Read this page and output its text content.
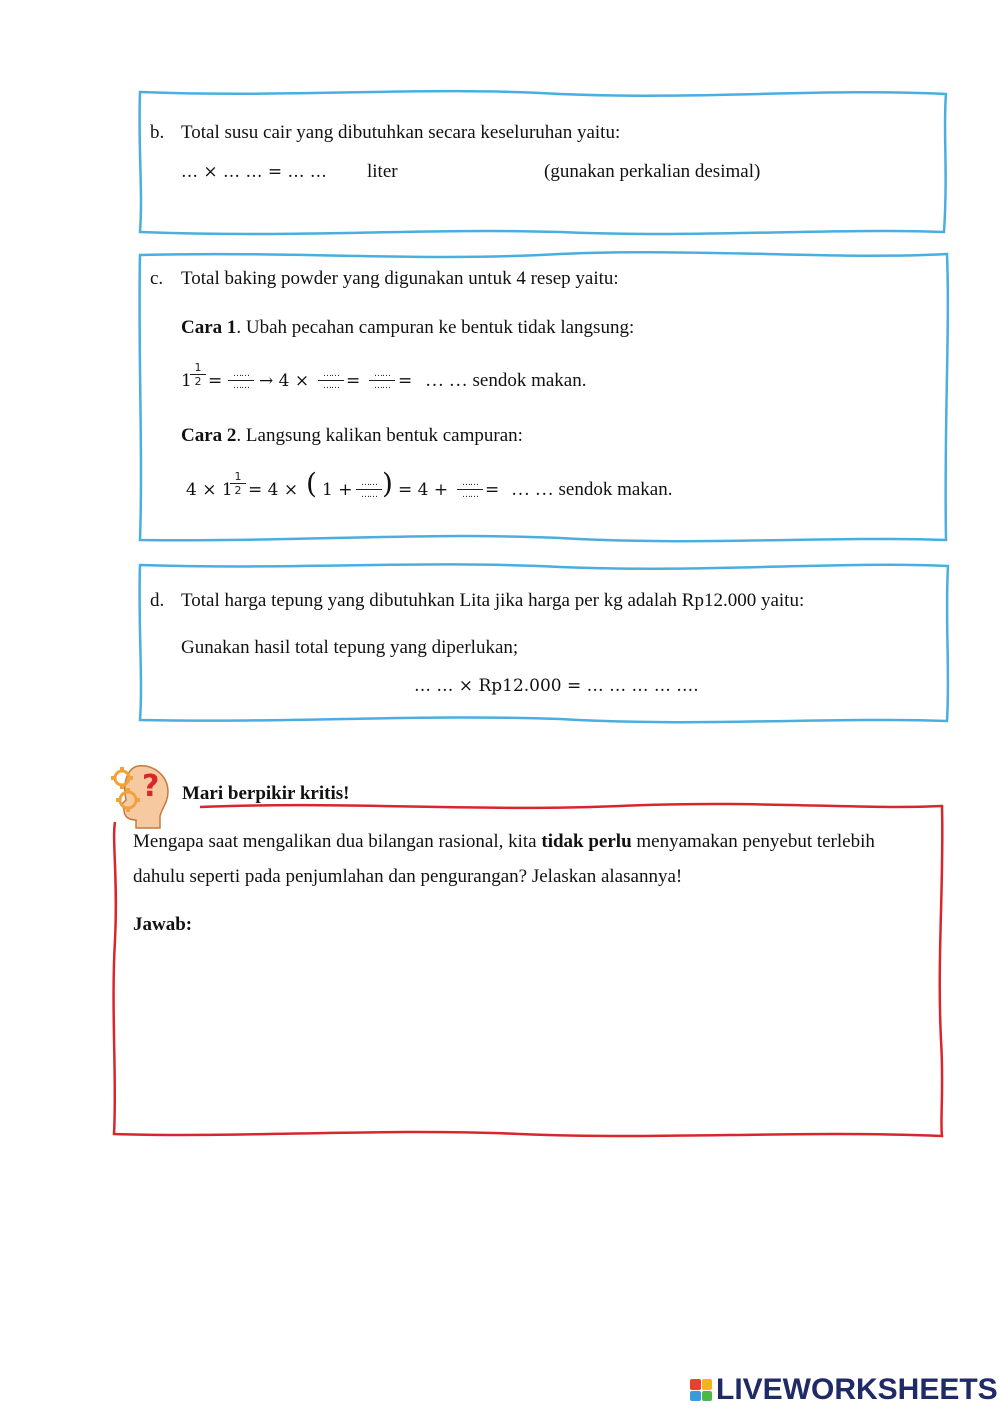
?
b. Total susu cair yang dibutuhkan secara keseluruhan yaitu:
… × … … = … … liter	(gunakan perkalian desimal)
c. Total baking powder yang digunakan untuk 4 resep yaitu:
Cara 1. Ubah pecahan campuran ke bentuk tidak langsung:
1
1
2 =	……
…… → 4 ×	……
…… =	……
…… = … … sendok makan.
Cara 2. Langsung kalikan bentuk campuran:
4 × 1
1
2 = 4 × ( 1 + ……
…… ) = 4 +	……
…… = … … sendok makan.
d. Total harga tepung yang dibutuhkan Lita jika harga per kg adalah Rp12.000 yaitu:
Gunakan hasil total tepung yang diperlukan;
… … × Rp12.000 = … … … … ….
Mari berpikir kritis!
Mengapa saat mengalikan dua bilangan rasional, kita tidak perlu menyamakan penyebut terlebih
dahulu seperti pada penjumlahan dan pengurangan? Jelaskan alasannya!
Jawab:
LIVEWORKSHEETS
